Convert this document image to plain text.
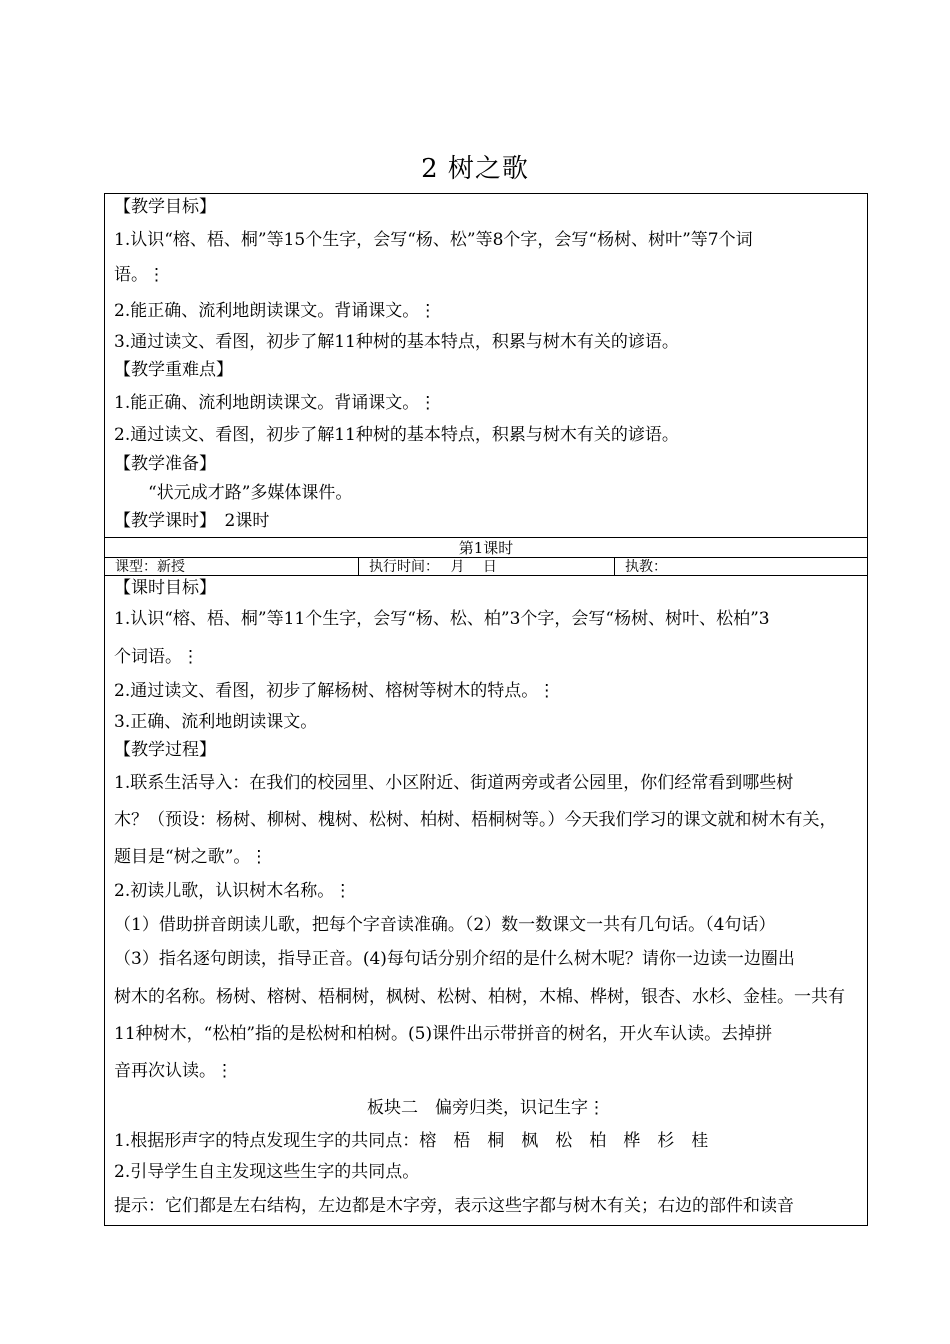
2 树之歌
第1课时
课型：新授	执行时间：　 月　 日	执教：
【教学目标】
1.认识“榕、梧、桐”等15个生字，会写“杨、松”等8个字，会写“杨树、树叶”等7个词
语。⋮
2.能正确、流利地朗读课文。背诵课文。⋮
3.通过读文、看图，初步了解11种树的基本特点，积累与树木有关的谚语。
【教学重难点】
1.能正确、流利地朗读课文。背诵课文。⋮
2.通过读文、看图，初步了解11种树的基本特点，积累与树木有关的谚语。
【教学准备】
　　“状元成才路”多媒体课件。
【教学课时】　2课时
【课时目标】
1.认识“榕、梧、桐”等11个生字，会写“杨、松、柏”3个字，会写“杨树、树叶、松柏”3
个词语。⋮
2.通过读文、看图，初步了解杨树、榕树等树木的特点。⋮
3.正确、流利地朗读课文。
【教学过程】
1.联系生活导入：在我们的校园里、小区附近、街道两旁或者公园里，你们经常看到哪些树
木？（预设：杨树、柳树、槐树、松树、柏树、梧桐树等。）今天我们学习的课文就和树木有关，
题目是“树之歌”。⋮
2.初读儿歌，认识树木名称。⋮
（1）借助拼音朗读儿歌，把每个字音读准确。（2）数一数课文一共有几句话。（4句话）
（3）指名逐句朗读，指导正音。(4)每句话分别介绍的是什么树木呢？请你一边读一边圈出
树木的名称。杨树、榕树、梧桐树，枫树、松树、柏树，木棉、桦树，银杏、水杉、金桂。一共有
11种树木，“松柏”指的是松树和柏树。(5)课件出示带拼音的树名，开火车认读。去掉拼
音再次认读。⋮
板块二　偏旁归类，识记生字⋮
1.根据形声字的特点发现生字的共同点：榕　梧　桐　枫　松　柏　桦　杉　桂
2.引导学生自主发现这些生字的共同点。
提示：它们都是左右结构，左边都是木字旁，表示这些字都与树木有关；右边的部件和读音
